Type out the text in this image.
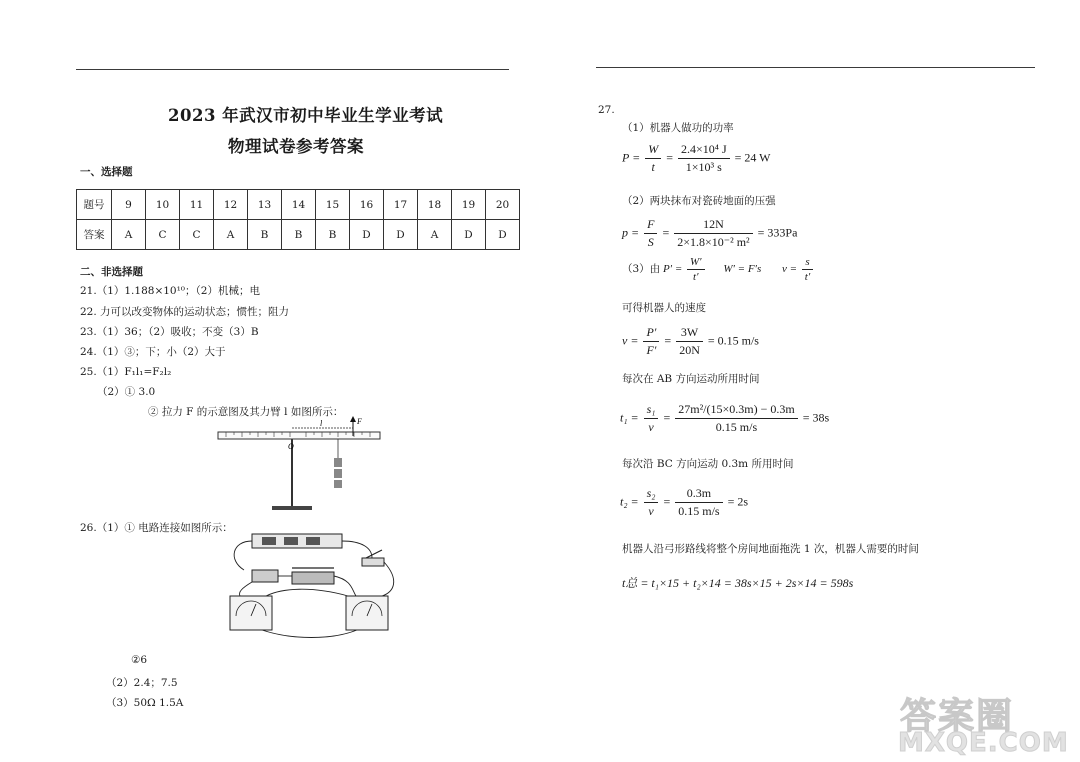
2023 年武汉市初中毕业生学业考试
物理试卷参考答案
一、选择题
题号	9	10	11	12	13	14	15	16	17	18	19	20
答案	A	C	C	A	B	B	B	D	D	A	D	D
二、非选择题
21.（1）1.188×10¹⁰；（2）机械；电
22. 力可以改变物体的运动状态；惯性；阻力
23.（1）36；（2）吸收；不变（3）B
24.（1）③；下；小（2）大于
25.（1）F₁l₁=F₂l₂
（2）① 3.0
② 拉力 F 的示意图及其力臂 l 如图所示：
F
l
O
26.（1）① 电路连接如图所示：
②6
（2）2.4；7.5
（3）50Ω 1.5A
27.
（1）机器人做功的功率
$P = \frac{W}{t} = \frac{\text{2.4×10⁴ J}}{\text{1×10³ s}} = 24$ W
（2）两块抹布对瓷砖地面的压强
$p = \frac{F}{S} = \frac{12N}{\text{2×1.8×10⁻² m²}} = 333Pa$
（3）由 $P' = \frac{W'}{t'} W' = F's$ $v = \frac{s}{t'}$
可得机器人的速度
$v = \frac{P'}{F'} = \frac{3W}{20N} = 0.15$ m/s
每次在 AB 方向运动所用时间
$t_1 = \frac{\text{s₁}}{v} = \frac{\text{27m²/(15×0.3m) − 0.3m}}{0.15 m/s} = 38s$
每次沿 BC 方向运动 0.3m 所用时间
$t_2 = \frac{\text{s₂}}{v} = \frac{0.3m}{0.15 m/s} = 2s$
机器人沿弓形路线将整个房间地面拖洗 1 次，机器人需要的时间
t总 = t₁×15 + t₂×14 = 38s×15 + 2s×14 = 598s
答案圈
MXQE.COM
